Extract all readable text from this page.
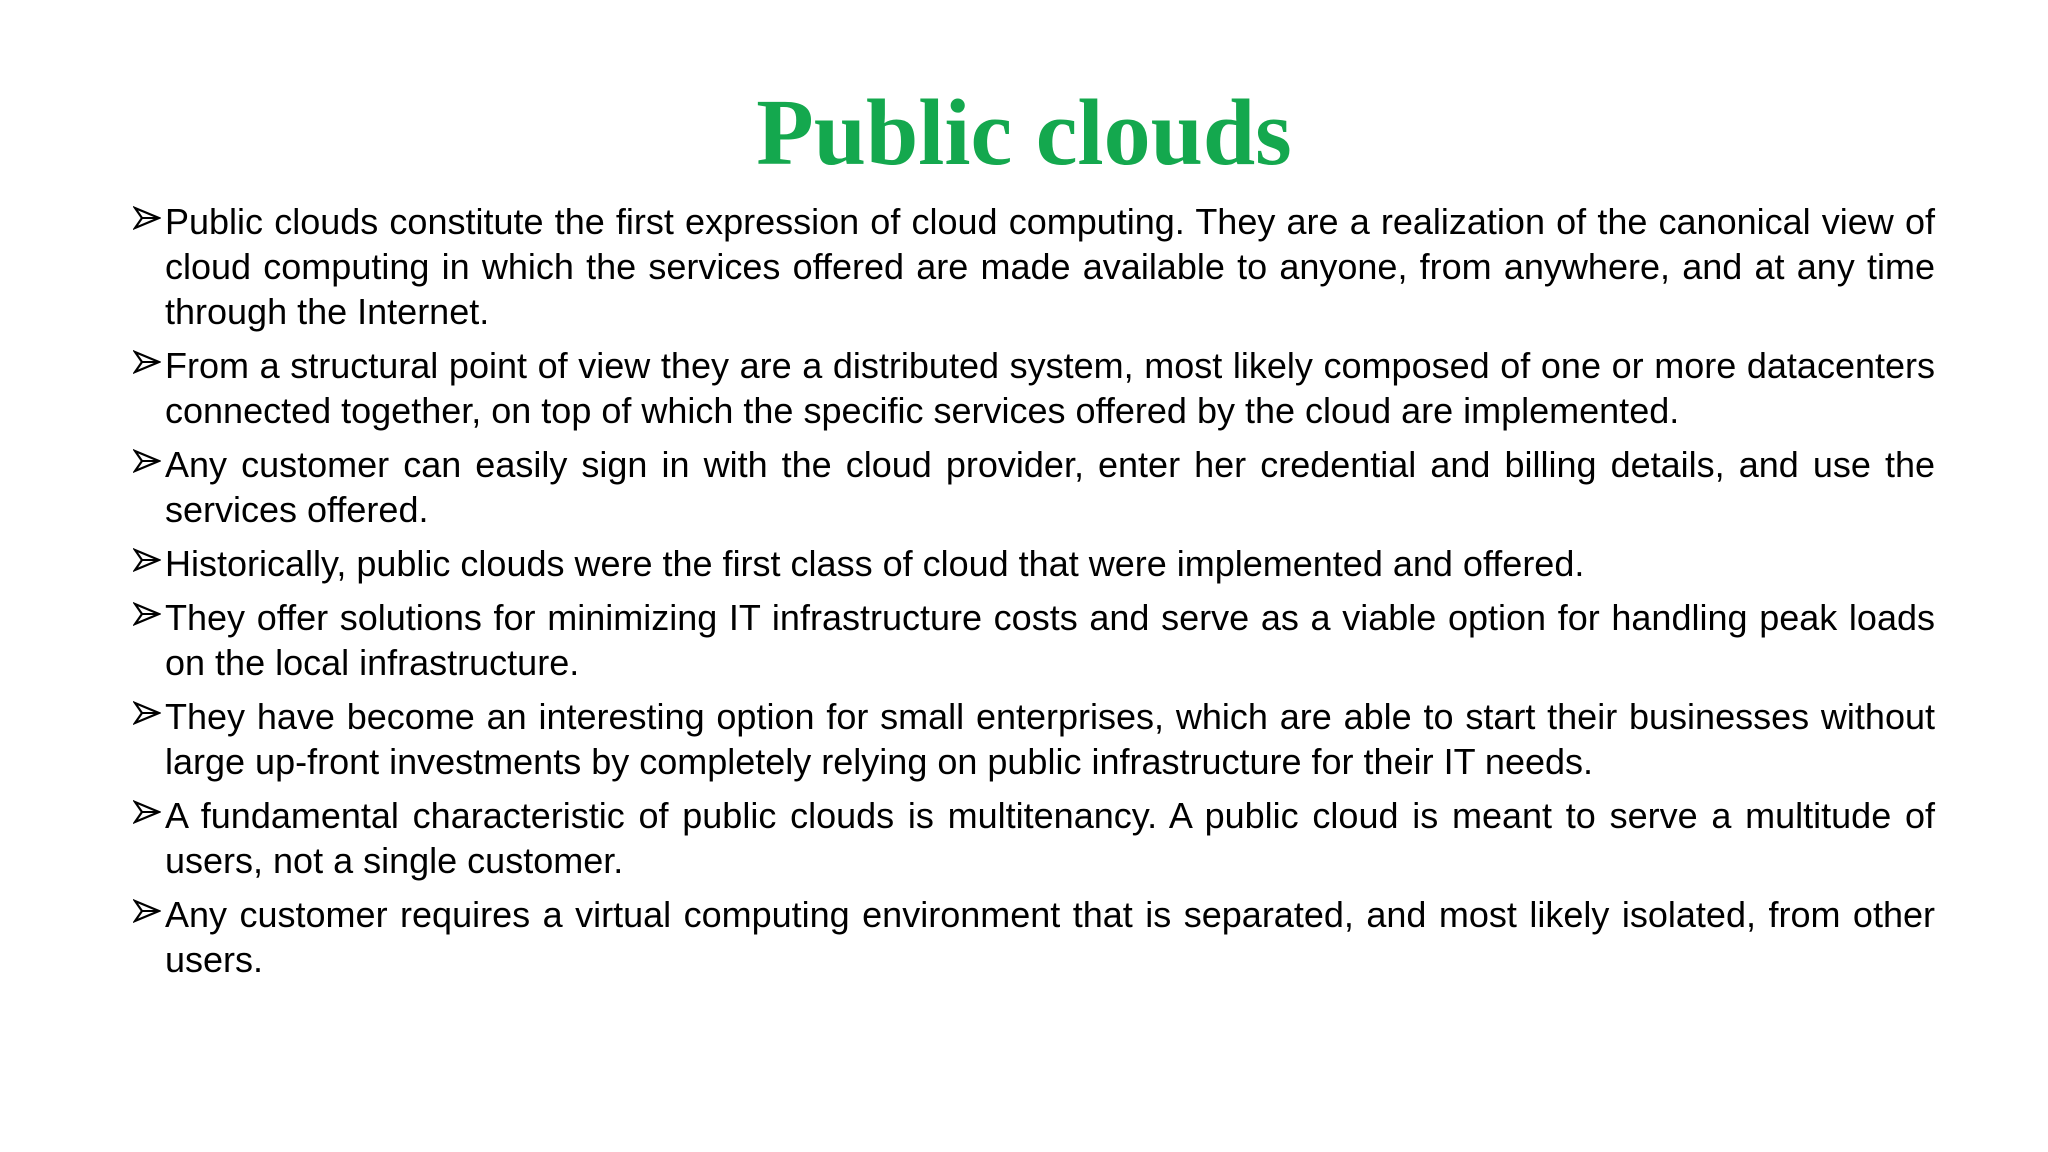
Public clouds
Public clouds constitute the first expression of cloud computing. They are a realization of the canonical view of cloud computing in which the services offered are made available to anyone, from anywhere, and at any time through the Internet.
From a structural point of view they are a distributed system, most likely composed of one or more datacenters connected together, on top of which the specific services offered by the cloud are implemented.
Any customer can easily sign in with the cloud provider, enter her credential and billing details, and use the services offered.
Historically, public clouds were the first class of cloud that were implemented and offered.
They offer solutions for minimizing IT infrastructure costs and serve as a viable option for handling peak loads on the local infrastructure.
They have become an interesting option for small enterprises, which are able to start their businesses without large up-front investments by completely relying on public infrastructure for their IT needs.
A fundamental characteristic of public clouds is multitenancy. A public cloud is meant to serve a multitude of users, not a single customer.
Any customer requires a virtual computing environment that is separated, and most likely isolated, from other users.
